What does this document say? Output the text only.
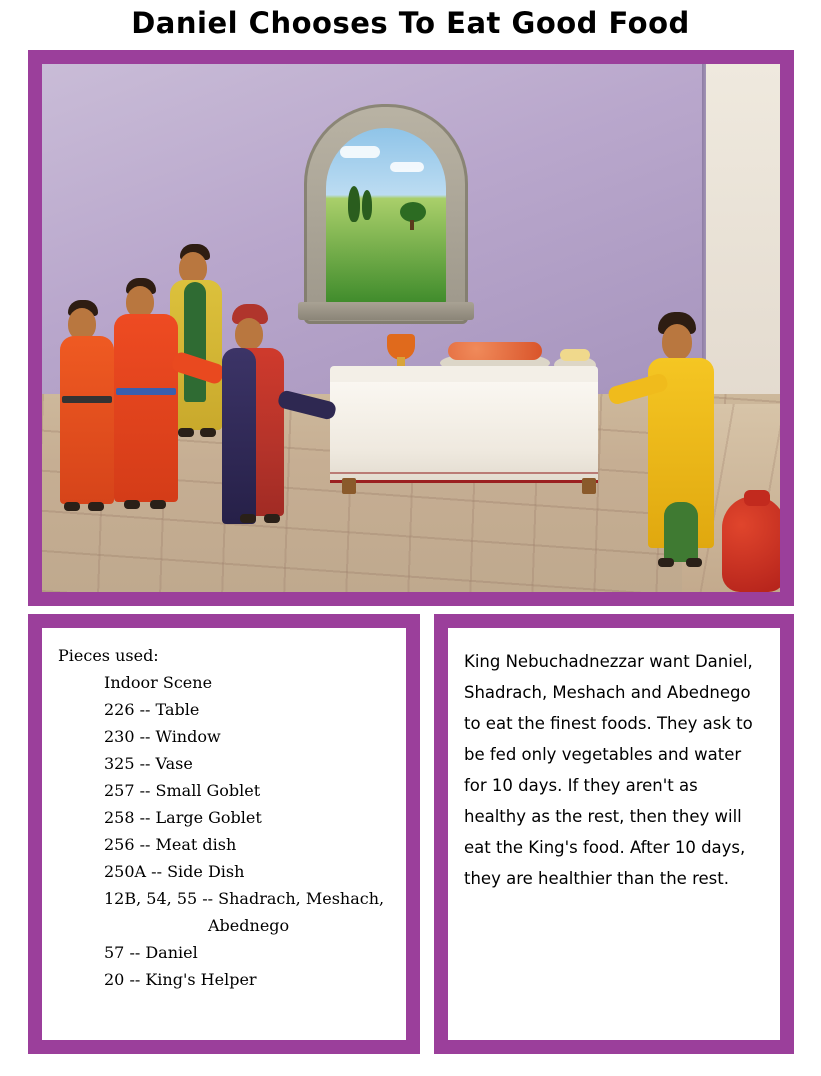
Daniel Chooses To Eat Good Food
Pieces used:
Indoor Scene
226 -- Table
230 -- Window
325 -- Vase
257 -- Small Goblet
258 -- Large Goblet
256 -- Meat dish
250A -- Side Dish
12B, 54, 55 -- Shadrach, Meshach,
Abednego
57 -- Daniel
20 -- King's Helper

King Nebuchadnezzar want Daniel, Shadrach, Meshach and Abednego to eat the finest foods. They ask to be fed only vegetables and water for 10 days. If they aren't as healthy as the rest, then they will eat the King's food. After 10 days, they are healthier than the rest.
